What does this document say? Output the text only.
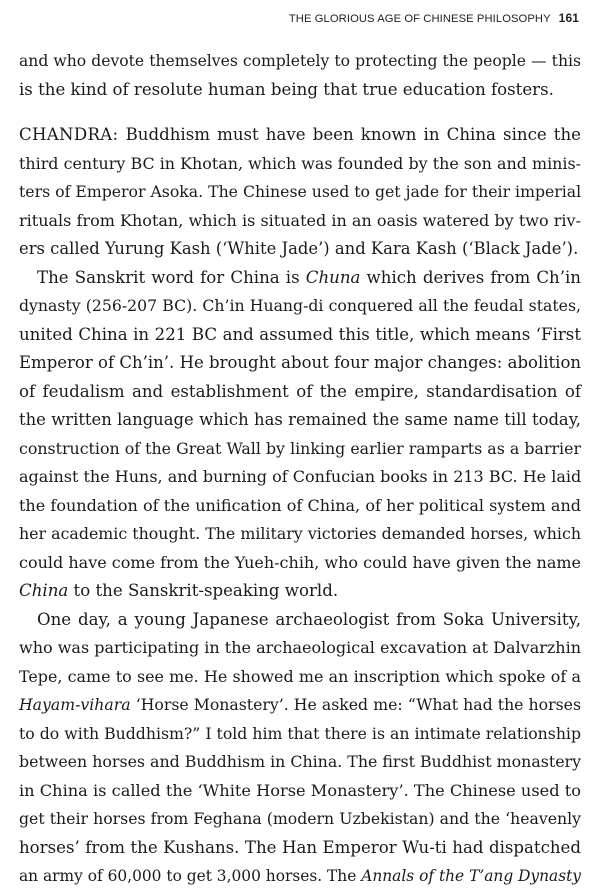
THE GLORIOUS AGE OF CHINESE PHILOSOPHY 161
and who devote themselves completely to protecting the people — this
is the kind of resolute human being that true education fosters.
CHANDRA: Buddhism must have been known in China since the
third century BC in Khotan, which was founded by the son and minis-
ters of Emperor Asoka. The Chinese used to get jade for their imperial
rituals from Khotan, which is situated in an oasis watered by two riv-
ers called Yurung Kash (‘White Jade’) and Kara Kash (‘Black Jade’).
The Sanskrit word for China is Chuna which derives from Ch’in
dynasty (256-207 BC). Ch’in Huang-di conquered all the feudal states,
united China in 221 BC and assumed this title, which means ‘First
Emperor of Ch’in’. He brought about four major changes: abolition
of feudalism and establishment of the empire, standardisation of
the written language which has remained the same name till today,
construction of the Great Wall by linking earlier ramparts as a barrier
against the Huns, and burning of Confucian books in 213 BC. He laid
the foundation of the unification of China, of her political system and
her academic thought. The military victories demanded horses, which
could have come from the Yueh-chih, who could have given the name
China to the Sanskrit-speaking world.
One day, a young Japanese archaeologist from Soka University,
who was participating in the archaeological excavation at Dalvarzhin
Tepe, came to see me. He showed me an inscription which spoke of a
Hayam-vihara ‘Horse Monastery’. He asked me: “What had the horses
to do with Buddhism?” I told him that there is an intimate relationship
between horses and Buddhism in China. The first Buddhist monastery
in China is called the ‘White Horse Monastery’. The Chinese used to
get their horses from Feghana (modern Uzbekistan) and the ‘heavenly
horses’ from the Kushans. The Han Emperor Wu-ti had dispatched
an army of 60,000 to get 3,000 horses. The Annals of the T’ang Dynasty
